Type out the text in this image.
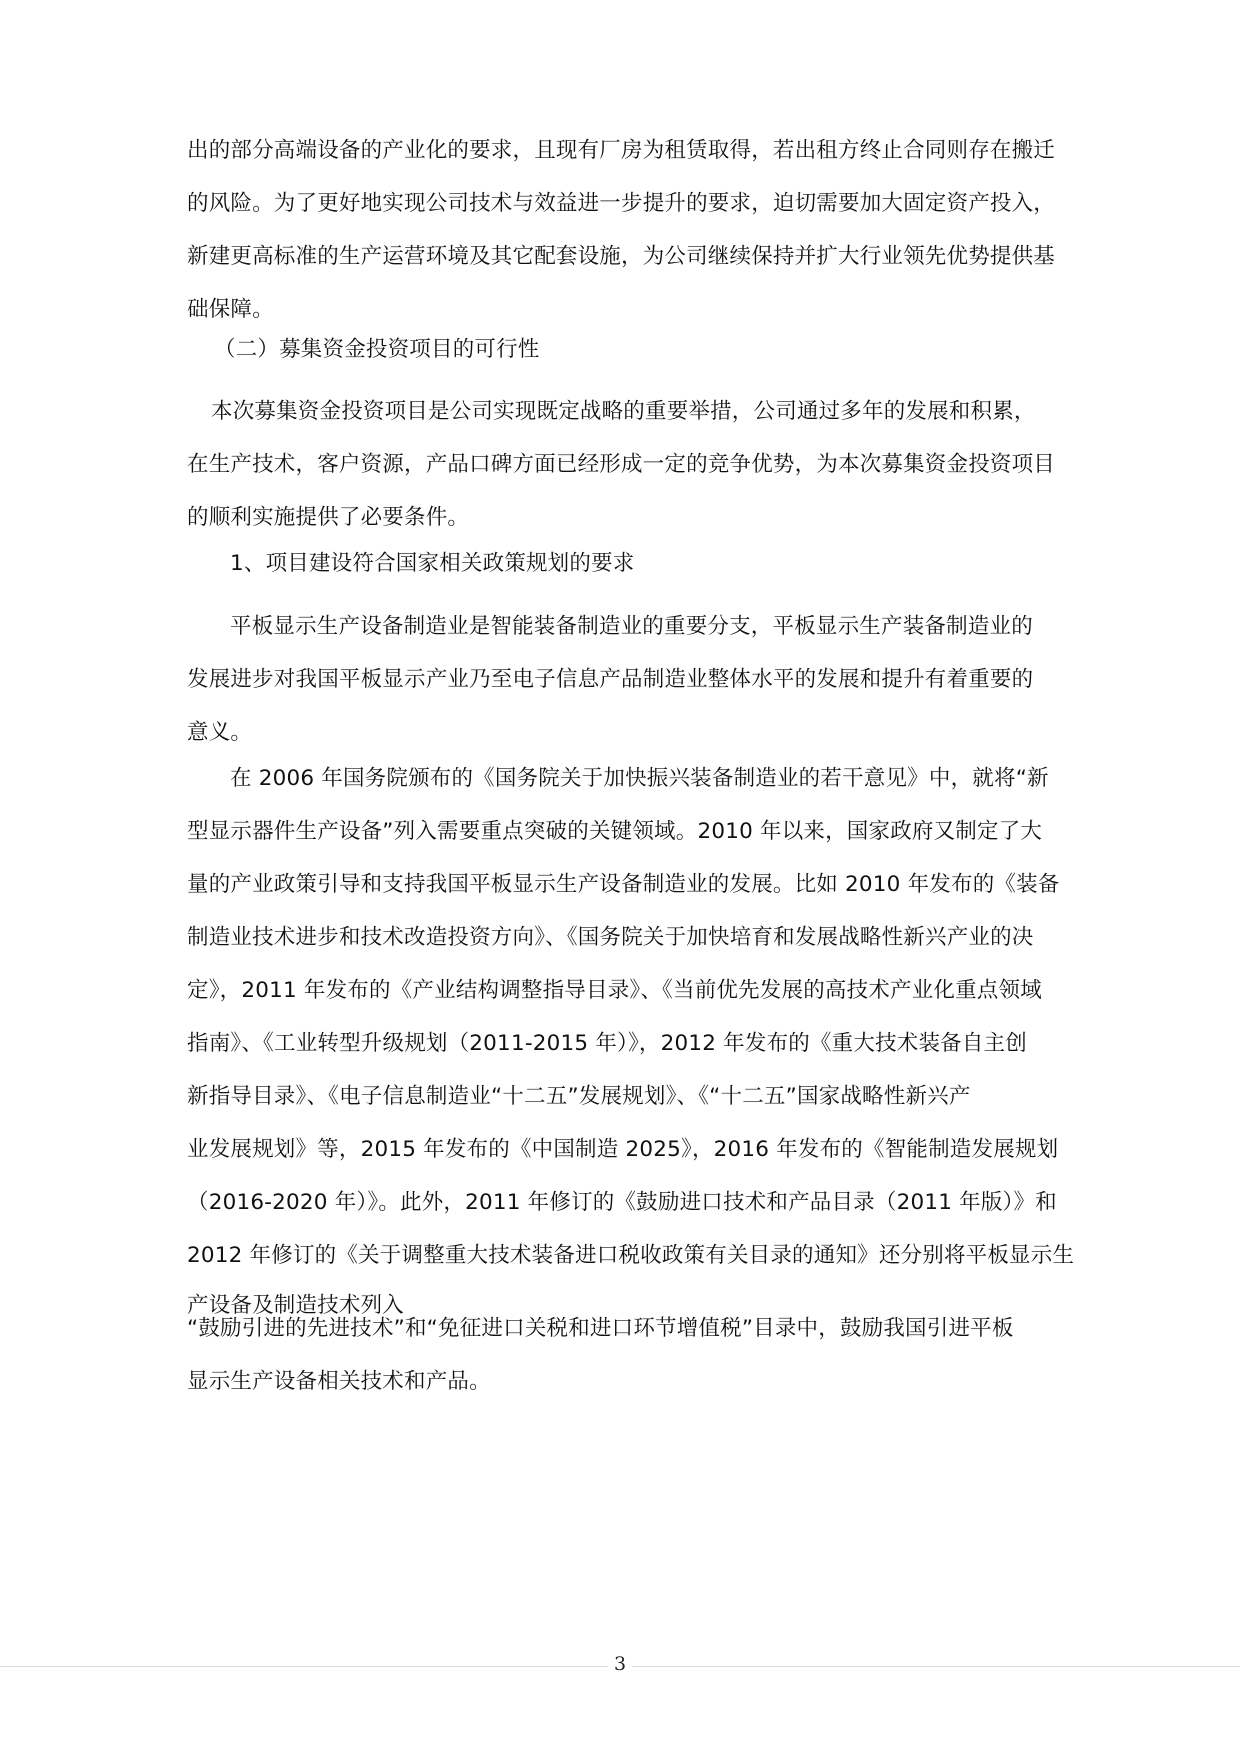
出的部分高端设备的产业化的要求，且现有厂房为租赁取得，若出租方终止合同则存在搬迁
的风险。为了更好地实现公司技术与效益进一步提升的要求，迫切需要加大固定资产投入，
新建更高标准的生产运营环境及其它配套设施，为公司继续保持并扩大行业领先优势提供基
础保障。
（二）募集资金投资项目的可行性
本次募集资金投资项目是公司实现既定战略的重要举措，公司通过多年的发展和积累，
在生产技术，客户资源，产品口碑方面已经形成一定的竞争优势，为本次募集资金投资项目
的顺利实施提供了必要条件。
1、项目建设符合国家相关政策规划的要求
平板显示生产设备制造业是智能装备制造业的重要分支，平板显示生产装备制造业的
发展进步对我国平板显示产业乃至电子信息产品制造业整体水平的发展和提升有着重要的
意义。
在 2006 年国务院颁布的《国务院关于加快振兴装备制造业的若干意见》中，就将“新
型显示器件生产设备”列入需要重点突破的关键领域。2010 年以来，国家政府又制定了大
量的产业政策引导和支持我国平板显示生产设备制造业的发展。比如 2010 年发布的《装备
制造业技术进步和技术改造投资方向》、《国务院关于加快培育和发展战略性新兴产业的决
定》，2011 年发布的《产业结构调整指导目录》、《当前优先发展的高技术产业化重点领域
指南》、《工业转型升级规划（2011-2015 年）》，2012 年发布的《重大技术装备自主创
新指导目录》、《电子信息制造业“十二五”发展规划》、《“十二五”国家战略性新兴产
业发展规划》等，2015 年发布的《中国制造 2025》，2016 年发布的《智能制造发展规划
（2016-2020 年）》。此外，2011 年修订的《鼓励进口技术和产品目录（2011 年版）》和
2012 年修订的《关于调整重大技术装备进口税收政策有关目录的通知》还分别将平板显示生
产设备及制造技术列入
“鼓励引进的先进技术”和“免征进口关税和进口环节增值税”目录中，鼓励我国引进平板
显示生产设备相关技术和产品。
3
